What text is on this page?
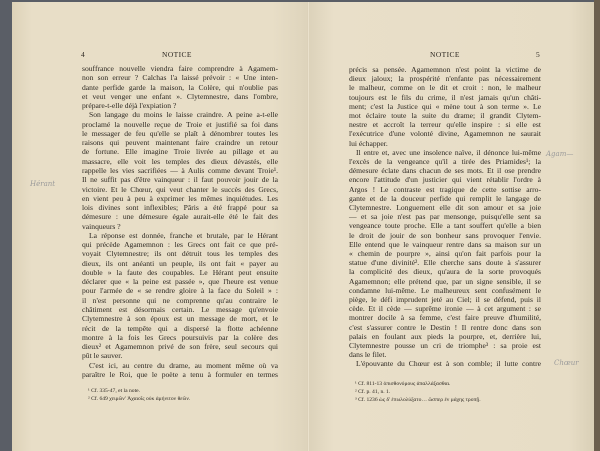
4	NOTICE	NOTICE	5
Hérant
Agam—
Chœur
souffrance nouvelle viendra faire comprendre à Agamem-
non son erreur ? Calchas l'a laissé prévoir : « Une inten-
dante perfide garde la maison, la Colère, qui n'oublie pas
et veut venger une enfant ». Clytemnestre, dans l'ombre,
prépare-t-elle déjà l'expiation ?
Son langage du moins le laisse craindre. A peine a-t-elle
proclamé la nouvelle reçue de Troie et justifié sa foi dans
le messager de feu qu'elle se plaît à dénombrer toutes les
raisons qui peuvent maintenant faire craindre un retour
de fortune. Elle imagine Troie livrée au pillage et au
massacre, elle voit les temples des dieux dévastés, elle
rappelle les vies sacrifiées — à Aulis comme devant Troie¹.
Il ne suffit pas d'être vainqueur : il faut pouvoir jouir de la
victoire. Et le Chœur, qui veut chanter le succès des Grecs,
en vient peu à peu à exprimer les mêmes inquiétudes. Les
lois divines sont inflexibles; Pâris a été frappé pour sa
démesure : une démesure égale aurait-elle été le fait des
vainqueurs ?
La réponse est donnée, franche et brutale, par le Hérant
qui précède Agamemnon : les Grecs ont fait ce que pré-
voyait Clytemnestre; ils ont détruit tous les temples des
dieux, ils ont anéanti un peuple, ils ont fait « payer au
double » la faute des coupables. Le Hérant peut ensuite
déclarer que « la peine est passée », que l'heure est venue
pour l'armée de « se rendre gloire à la face du Soleil » :
il n'est personne qui ne comprenne qu'au contraire le
châtiment est désormais certain. Le message qu'envoie
Clytemnestre à son époux est un message de mort, et le
récit de la tempête qui a dispersé la flotte achéenne
montre à la fois les Grecs poursuivis par la colère des
dieux² et Agamemnon privé de son frère, seul secours qui
pût le sauver.
C'est ici, au centre du drame, au moment même où va
paraître le Roi, que le poète a tenu à formuler en termes
¹ Cf. 335-47, et la note.
² Cf. 649 χειμῶν' Ἀχαιοῖς οὐκ ἀμήνιτον θεῶν.
précis sa pensée. Agamemnon n'est point la victime de
dieux jaloux; la prospérité n'enfante pas nécessairement
le malheur, comme on le dit et croit : non, le malheur
toujours est le fils du crime, il n'est jamais qu'un châti-
ment; c'est la Justice qui « mène tout à son terme ». Le
mot éclaire toute la suite du drame; il grandit Clytem-
nestre et accroît la terreur qu'elle inspire : si elle est
l'exécutrice d'une volonté divine, Agamemnon ne saurait
lui échapper.
Il entre et, avec une insolence naïve, il dénonce lui-même
l'excès de la vengeance qu'il a tirée des Priamides¹; la
démesure éclate dans chacun de ses mots. Et il ose prendre
encore l'attitude d'un justicier qui vient rétablir l'ordre à
Argos ! Le contraste est tragique de cette sottise arro-
gante et de la douceur perfide qui remplit le langage de
Clytemnestre. Longuement elle dit son amour et sa joie
— et sa joie n'est pas par mensonge, puisqu'elle sent sa
vengeance toute proche. Elle a tant souffert qu'elle a bien
le droit de jouir de son bonheur sans provoquer l'envie.
Elle entend que le vainqueur rentre dans sa maison sur un
« chemin de pourpre », ainsi qu'on fait parfois pour la
statue d'une divinité². Elle cherche sans doute à s'assurer
la complicité des dieux, qu'aura de la sorte provoqués
Agamemnon; elle prétend que, par un signe sensible, il se
condamne lui-même. Le malheureux sent confusément le
piège, le défi imprudent jeté au Ciel; il se défend, puis il
cède. Et il cède — suprême ironie — à cet argument : se
montrer docile à sa femme, c'est faire preuve d'humilité,
c'est s'assurer contre le Destin ! Il rentre donc dans son
palais en foulant aux pieds la pourpre, et, derrière lui,
Clytemnestre pousse un cri de triomphe³ : sa proie est
dans le filet.
L'épouvante du Chœur est à son comble; il lutte contre
¹ Cf. 811-13 ὀπισθονόμους ἀπαλλάξασθαι.
² Cf. p. 41, n. 1.
³ Cf. 1236 ὡς δ' ἐπωλολύξατο… ὥσπερ ἐν μάχης τροπῇ.
